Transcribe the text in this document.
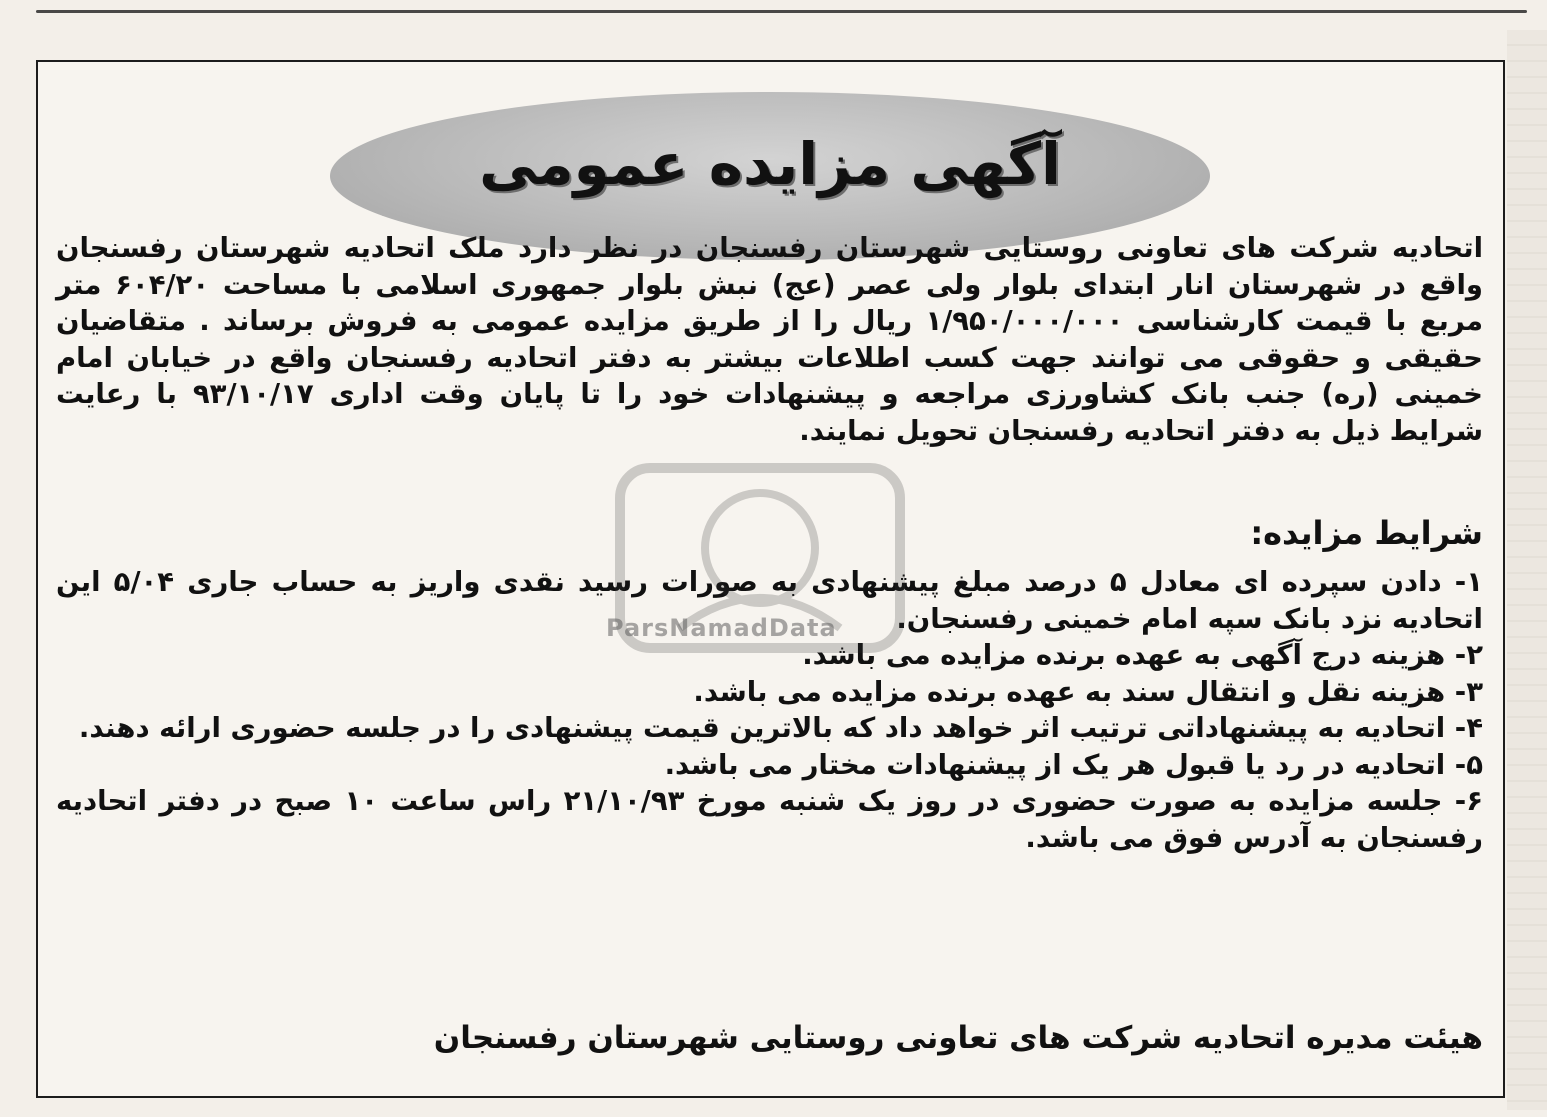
آگهی مزایده عمومی

اتحادیه شرکت های تعاونی روستایی شهرستان رفسنجان در نظر دارد ملک اتحادیه شهرستان رفسنجان واقع در شهرستان انار ابتدای بلوار ولی عصر (عج) نبش بلوار جمهوری اسلامی با مساحت ۶۰۴/۲۰ متر مربع با قیمت کارشناسی ۱/۹۵۰/۰۰۰/۰۰۰ ریال را از طریق مزایده عمومی به فروش برساند . متقاضیان حقیقی و حقوقی می توانند جهت کسب اطلاعات بیشتر به دفتر اتحادیه رفسنجان واقع در خیابان امام خمینی (ره) جنب بانک کشاورزی مراجعه و پیشنهادات خود را تا پایان وقت اداری ۹۳/۱۰/۱۷ با رعایت شرایط ذیل به دفتر اتحادیه رفسنجان تحویل نمایند.

شرایط مزایده:

۱- دادن سپرده ای معادل ۵ درصد مبلغ پیشنهادی به صورات رسید نقدی واریز به حساب جاری ۵/۰۴ این اتحادیه نزد بانک سپه امام خمینی رفسنجان.

۲- هزینه درج آگهی به عهده برنده مزایده می باشد.

۳- هزینه نقل و انتقال سند به عهده برنده مزایده می باشد.

۴- اتحادیه به پیشنهاداتی ترتیب اثر خواهد داد که بالاترین قیمت پیشنهادی را در جلسه حضوری ارائه دهند.

۵- اتحادیه در رد یا قبول هر یک از پیشنهادات مختار می باشد.

۶- جلسه مزایده به صورت حضوری در روز یک شنبه مورخ ۲۱/۱۰/۹۳ راس ساعت ۱۰ صبح در دفتر اتحادیه رفسنجان به آدرس فوق می باشد.

هیئت مدیره اتحادیه شرکت های تعاونی روستایی شهرستان رفسنجان
ParsNamadData
